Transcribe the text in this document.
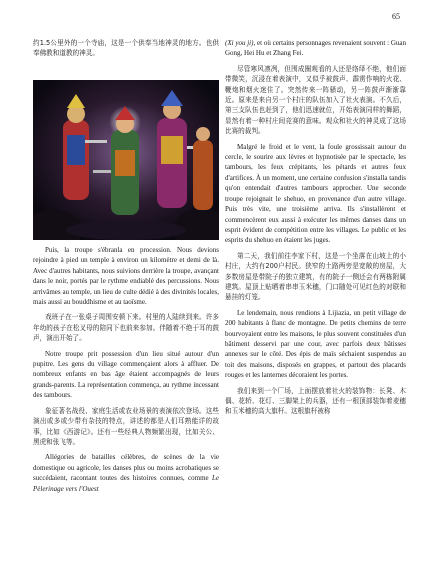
65

约1.5公里外的一个寺庙，这是一个供奉当地神灵的地方。也供奉佛教和道教的神灵。

Puis, la troupe s'ébranla en procession. Nous devions rejoindre à pied un temple à environ un kilomètre et demi de là. Avec d'autres habitants, nous suivions derrière la troupe, avançant dans le noir, portés par le rythme endiablé des percussions. Nous arrivâmes au temple, un lieu de culte dédié à des divinités locales, mais aussi au bouddhisme et au taoïsme.

戏班子在一张桌子周围安顿下来。村里的人陆续到来。许多年幼的孩子在松叉母的陪同下也前来参加。伴随着不绝于耳的鼓声，演出开始了。

Notre troupe prit possession d'un lieu situé autour d'un pupitre. Les gens du village commençaient alors à affluer. De nombreux enfants en bas âge étaient accompagnés de leurs grands-parents. La représentation commença, au rythme incessant des tambours.

象征著名战役、家庭生活或农业场景的表演依次登场。这些演出或多或少带有杂技的特点，讲述的都是人们耳熟能详的故事，比如《西游记》。还有一些经典人物频繁出现，比如关公、黑虎和张飞等。

Allégories de batailles célèbres, de scènes de la vie domestique ou agricole, les danses plus ou moins acrobatiques se succédaient, racontant toutes des histoires connues, comme Le Pèlerinage vers l'Ouest

(Xi you ji), et où certains personnages revenaient souvent : Guan Gong, Hei Hu et Zhang Fei.

尽管寒风凛冽，但围成圈观看的人还是络绎不绝，他们面带微笑，沉浸在着表演中，又似乎被鼓声、霹雳作响的火花、鞭炮和烟火迷住了。突然传来一阵骚动，另一阵鼓声渐渐靠近。原来是来自另一个村庄的队伍加入了社火表演。不久后，第三支队伍也赶到了，他们迅速就位，开始表演同样的舞蹈，显然有着一种村庄间竞赛的意味。观众和社火的神灵成了这场比赛的裁判。

Malgré le froid et le vent, la foule grossissait autour du cercle, le sourire aux lèvres et hypnotisée par le spectacle, les tambours, les feux crépitants, les pétards et autres feux d'artifices. À un moment, une certaine confusion s'installa tandis qu'on entendait d'autres tambours approcher. Une seconde troupe rejoignait le shehuo, en provenance d'un autre village. Puis très vite, une troisième arriva. Ils s'installèrent et commencèrent eux aussi à exécuter les mêmes danses dans un esprit évident de compétition entre les villages. Le public et les esprits du shehuo en étaient les juges.

第二天，我们前往李家下村，这是一个坐落在山坡上的小村庄，大约有200户村民。狭窄的土路两旁是宽敞的房屋，大多数房屋是带院子的独立建筑，有的院子一侧还会有两栋附属建筑。屋顶上贴晒着串串玉米穗，门口随处可见红色的对联和悬挂的灯笼。

Le lendemain, nous rendions à Lijiazia, un petit village de 200 habitants à flanc de montagne. De petits chemins de terre bourvoyaient entre les maisons, le plus souvent constituées d'un bâtiment desservi par une cour, avec parfois deux bâtisses annexes sur le côté. Des épis de maïs séchaient suspendus au toit des maisons, disposés en grappes, et partout des placards rouges et les lanternes décoraient les portes.

我们来到一个厂场，上面摆放着社火的装饰物：长凳、木偶、花轿、花灯、三脚架上的兵器，还有一根顶部装饰着麦穗和玉米穗的高大旗杆。这根旗杆被称
